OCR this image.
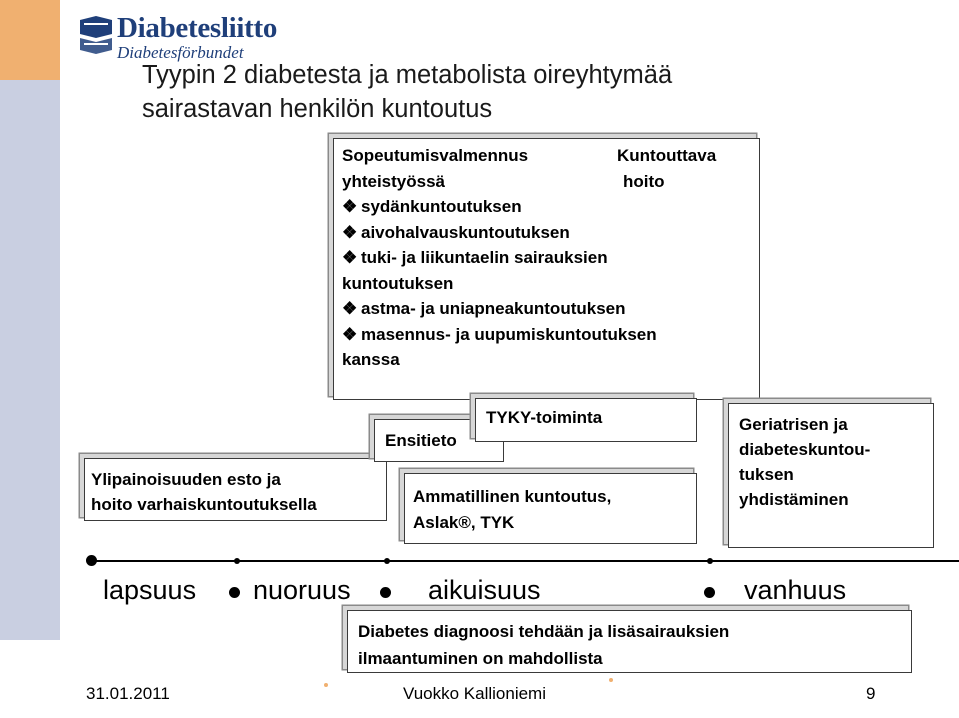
Diabetesliitto
Diabetesförbundet
Tyypin 2 diabetesta ja metabolista oireyhtymää
sairastavan henkilön kuntoutus
Sopeutumisvalmennus
yhteistyössä
Kuntouttava
hoito
❖ sydänkuntoutuksen
❖ aivohalvauskuntoutuksen
❖ tuki- ja liikuntaelin sairauksien
kuntoutuksen
❖ astma- ja uniapneakuntoutuksen
❖ masennus- ja uupumiskuntoutuksen
kanssa
Ylipainoisuuden esto ja
hoito varhaiskuntoutuksella
Ensitieto
TYKY-toiminta
Ammatillinen kuntoutus,
Aslak®, TYK
Geriatrisen ja
diabeteskuntou-
tuksen
yhdistäminen
lapsuus nuoruus	aikuisuus	vanhuus
Diabetes diagnoosi tehdään ja lisäsairauksien
ilmaantuminen on mahdollista
31.01.2011	Vuokko Kallioniemi	9
